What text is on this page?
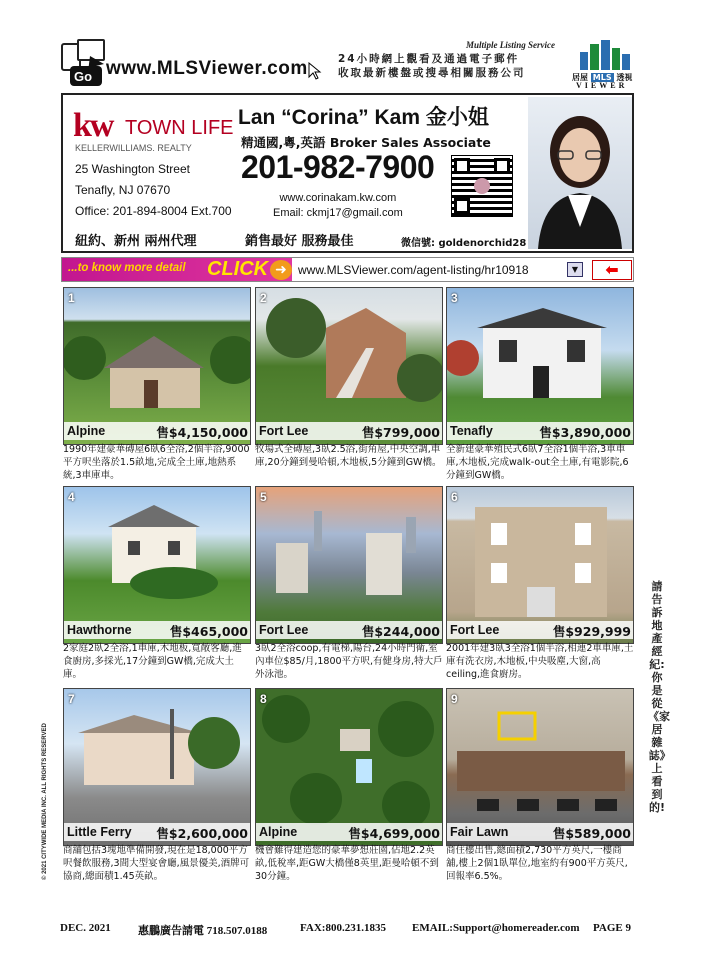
Go www.MLSViewer.com
Multiple Listing Service
24小時網上觀看及通過電子郵件
收取最新樓盤或搜尋相關服務公司	居屋 MLS 透視
VIEWER
kw TOWN LIFE
KELLERWILLIAMS. REALTY
25 Washington Street
Tenafly, NJ 07670
Office: 201-894-8004 Ext.700
Lan “Corina” Kam 金小姐
精通國,粵,英語 Broker Sales Associate
201-982-7900
www.corinakam.kw.com
Email: ckmj17@gmail.com
紐約、新州 兩州代理	銷售最好 服務最佳	微信號: goldenorchid28
...to know more detail CLICK ➜ www.MLSViewer.com/agent-listing/hr10918	▼	⬅
1
Alpine	售$4,150,000
1990年建豪華磚屋6臥6全浴,2個半浴,9000平方呎坐落於1.5畝地,完成全土庫,地熱系統,3車庫車。
2
Fort Lee	售$799,000
牧場式全磚屋,3臥2.5浴,街角屋,中央空調,車庫,20分鐘到曼哈頓,木地板,5分鐘到GW橋。
3
Tenafly	售$3,890,000
全新建豪華殖民式6臥7全浴1個半浴,3車車庫,木地板,完成walk-out全土庫,有電影院,6分鐘到GW橋。
4
Hawthorne	售$465,000
2家庭2臥2全浴,1車庫,木地板,寬敞客廳,進食廚房,多採光,17分鐘到GW橋,完成大土庫。
5
Fort Lee	售$244,000
3臥2全浴coop,有電梯,陽台,24小時門衛,室內車位$85/月,1800平方呎,有健身房,特大戶外泳池。
6
Fort Lee	售$929,999
2001年建3臥3全浴1個半浴,相連2車車庫,土庫有洗衣房,木地板,中央吸塵,大窗,高ceiling,進食廚房。
7
Little Ferry 售$2,600,000
商舖包括3塊地準備開發,現在是18,000平方呎餐飲服務,3間大型宴會廳,風景優美,酒牌可協商,總面積1.45英畝。
8
Alpine	售$4,699,000
機會難得建造您的豪華夢想莊園,佔地2.2英畝,低稅率,距GW大橋僅8英里,距曼哈頓不到30分鐘。
9
Fair Lawn	售$589,000
商住樓出售,總面積2,730平方英尺,一樓商舖,樓上2個1臥單位,地室約有900平方英尺,回報率6.5%。
請告訴地產經紀:你是從《家居雜誌》上看到的!
© 2021 CITYWIDE MEDIA INC. ALL RIGHTS RESERVED
DEC. 2021 惠鵬廣告請電 718.507.0188	FAX:800.231.1835 EMAIL:Support@homereader.com PAGE 9
